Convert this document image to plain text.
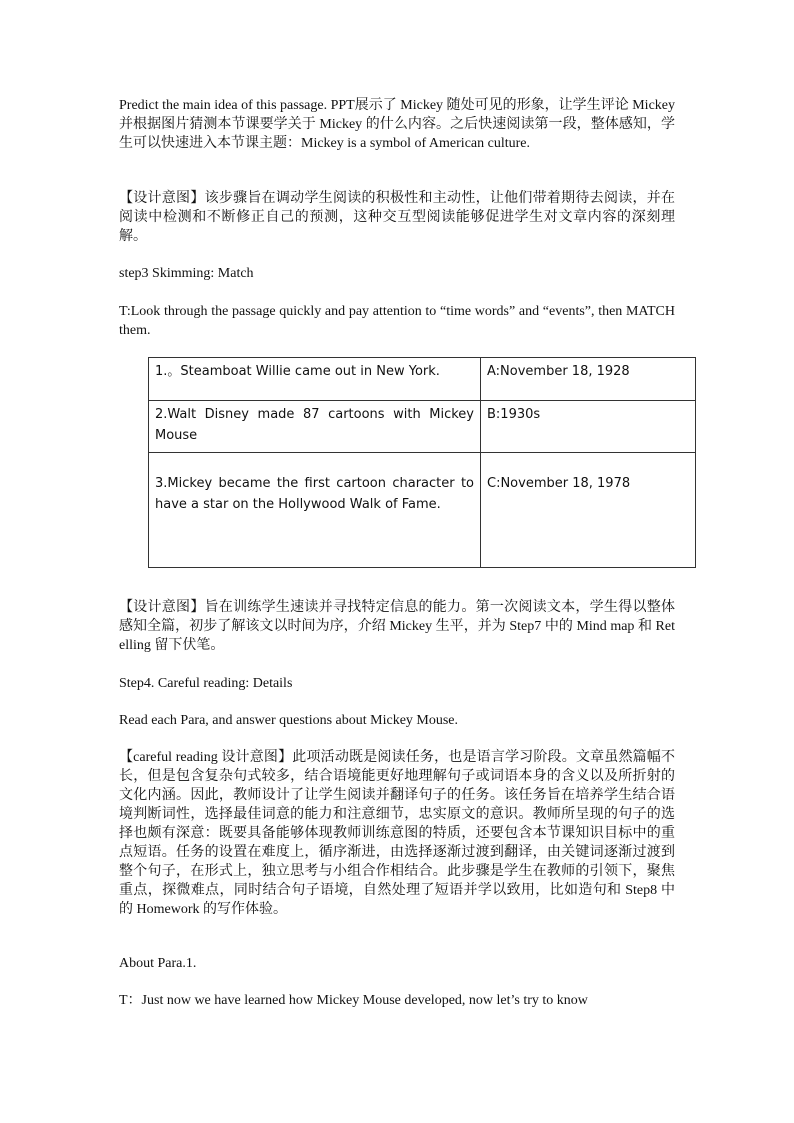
Predict the main idea of this passage. PPT展示了 Mickey 随处可见的形象，让学生评论 Mickey 并根据图片猜测本节课要学关于 Mickey 的什么内容。之后快速阅读第一段，整体感知，学生可以快速进入本节课主题：Mickey is a symbol of American culture.

【设计意图】该步骤旨在调动学生阅读的积极性和主动性，让他们带着期待去阅读，并在阅读中检测和不断修正自己的预测，这种交互型阅读能够促进学生对文章内容的深刻理解。

step3 Skimming: Match

T:Look through the passage quickly and pay attention to “time words” and “events”, then MATCH them.

【设计意图】旨在训练学生速读并寻找特定信息的能力。第一次阅读文本，学生得以整体感知全篇，初步了解该文以时间为序，介绍 Mickey 生平，并为 Step7 中的 Mind map 和 Retelling 留下伏笔。

Step4. Careful reading: Details

Read each Para, and answer questions about Mickey Mouse.

【careful reading 设计意图】此项活动既是阅读任务，也是语言学习阶段。文章虽然篇幅不长，但是包含复杂句式较多，结合语境能更好地理解句子或词语本身的含义以及所折射的文化内涵。因此，教师设计了让学生阅读并翻译句子的任务。该任务旨在培养学生结合语境判断词性，选择最佳词意的能力和注意细节，忠实原文的意识。教师所呈现的句子的选择也颇有深意：既要具备能够体现教师训练意图的特质，还要包含本节课知识目标中的重点短语。任务的设置在难度上，循序渐进，由选择逐渐过渡到翻译，由关键词逐渐过渡到整个句子，在形式上，独立思考与小组合作相结合。此步骤是学生在教师的引领下，聚焦重点，探微难点，同时结合句子语境，自然处理了短语并学以致用，比如造句和 Step8 中的 Homework 的写作体验。

About Para.1.

T：Just now we have learned how Mickey Mouse developed, now let’s try to know

1.。Steamboat Willie came out in New York.	A:November 18, 1928
2.Walt Disney made 87 cartoons with Mickey Mouse	B:1930s
3.Mickey became the first cartoon character to have a star on the Hollywood Walk of Fame.	C:November 18, 1978
